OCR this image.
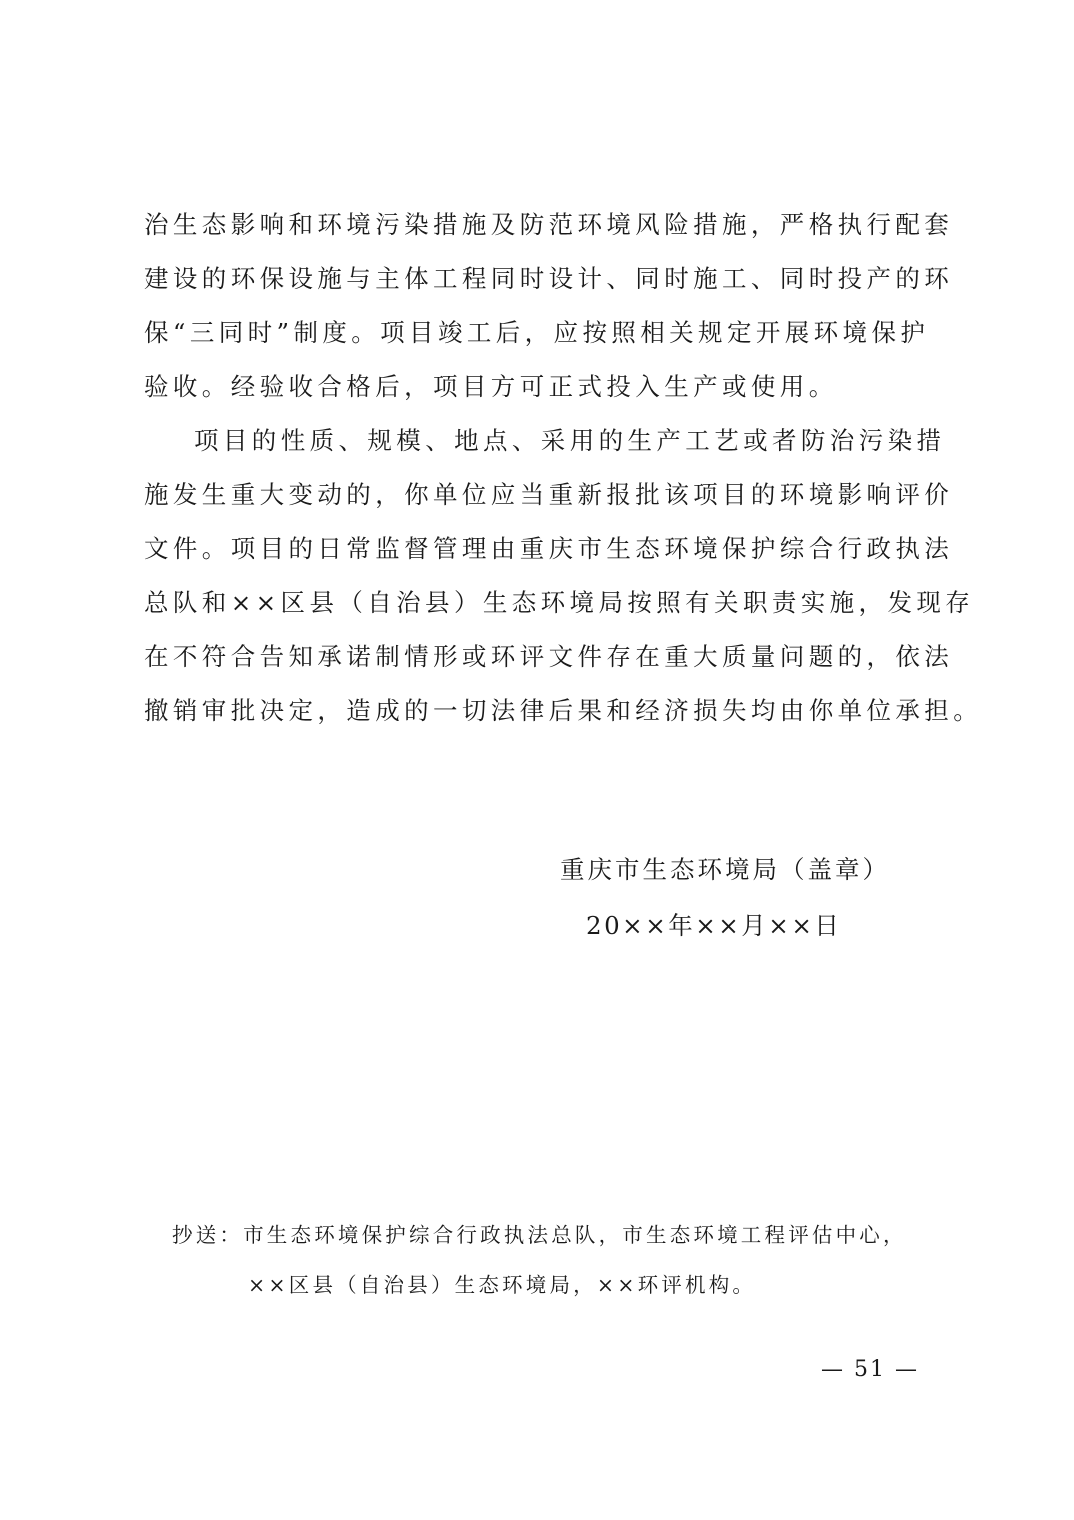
治生态影响和环境污染措施及防范环境风险措施，严格执行配套
建设的环保设施与主体工程同时设计、同时施工、同时投产的环
保“三同时”制度。项目竣工后，应按照相关规定开展环境保护
验收。经验收合格后，项目方可正式投入生产或使用。
项目的性质、规模、地点、采用的生产工艺或者防治污染措
施发生重大变动的，你单位应当重新报批该项目的环境影响评价
文件。项目的日常监督管理由重庆市生态环境保护综合行政执法
总队和××区县（自治县）生态环境局按照有关职责实施，发现存
在不符合告知承诺制情形或环评文件存在重大质量问题的，依法
撤销审批决定，造成的一切法律后果和经济损失均由你单位承担。
重庆市生态环境局（盖章）
20××年××月××日
抄送：市生态环境保护综合行政执法总队，市生态环境工程评估中心，
××区县（自治县）生态环境局，××环评机构。
— 51 —
